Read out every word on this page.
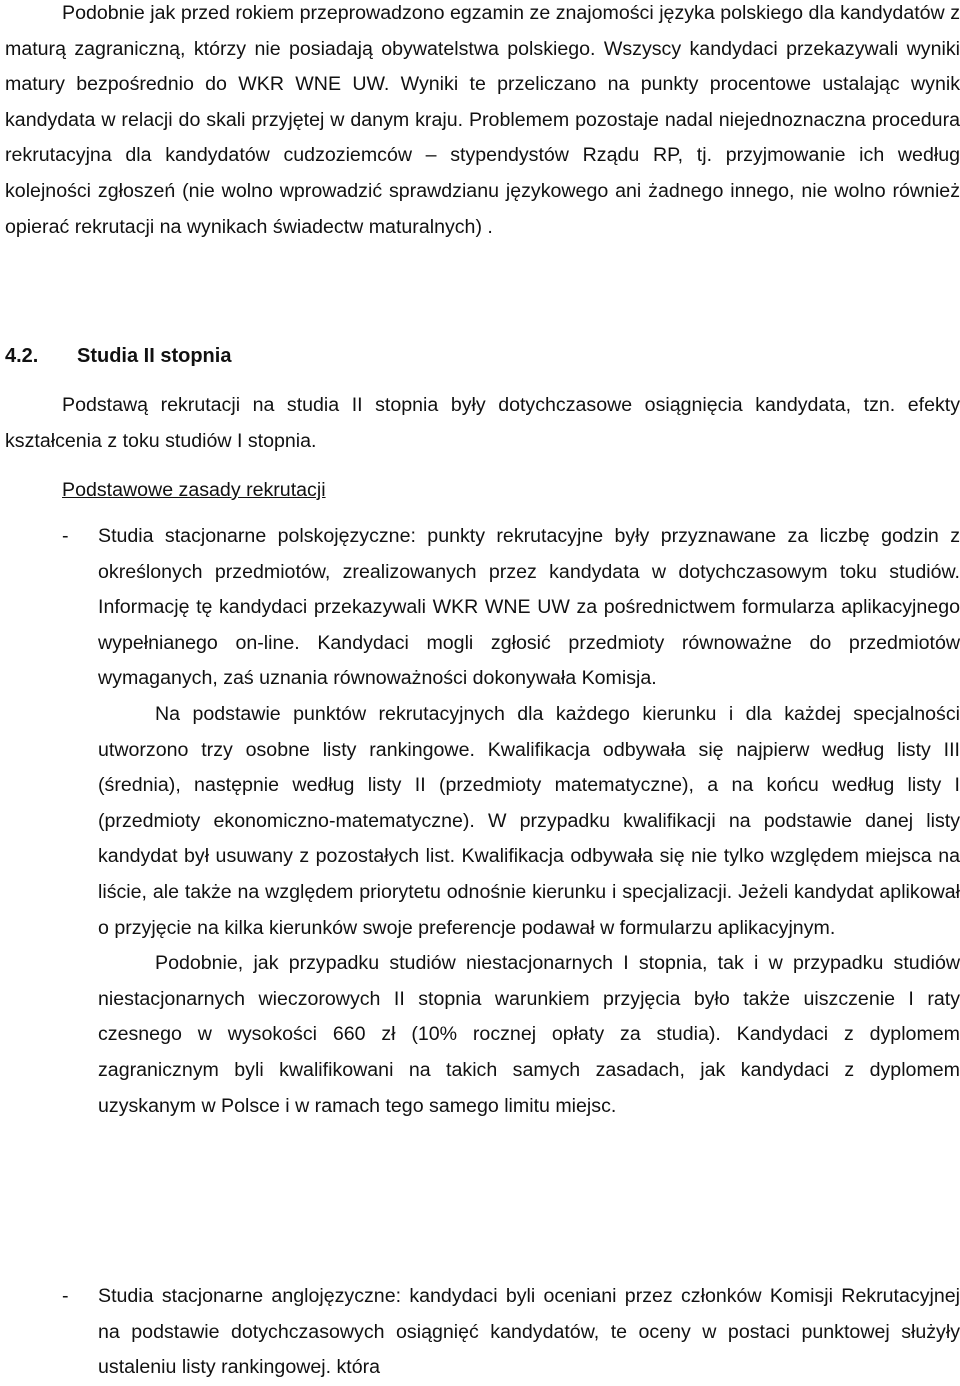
Podobnie jak przed rokiem przeprowadzono egzamin ze znajomości języka polskiego dla kandydatów z maturą zagraniczną, którzy nie posiadają obywatelstwa polskiego. Wszyscy kandydaci przekazywali wyniki matury bezpośrednio do WKR WNE UW. Wyniki te przeliczano na punkty procentowe ustalając wynik kandydata w relacji do skali przyjętej w danym kraju. Problemem pozostaje nadal niejednoznaczna procedura rekrutacyjna dla kandydatów cudzoziemców – stypendystów Rządu RP, tj. przyjmowanie ich według kolejności zgłoszeń (nie wolno wprowadzić sprawdzianu językowego ani żadnego innego, nie wolno również opierać rekrutacji na wynikach świadectw maturalnych) .

4.2. Studia II stopnia

Podstawą rekrutacji na studia II stopnia były dotychczasowe osiągnięcia kandydata, tzn. efekty kształcenia z toku studiów I stopnia.

Podstawowe zasady rekrutacji

- Studia stacjonarne polskojęzyczne: punkty rekrutacyjne były przyznawane za liczbę godzin z określonych przedmiotów, zrealizowanych przez kandydata w dotychczasowym toku studiów. Informację tę kandydaci przekazywali WKR WNE UW za pośrednictwem formularza aplikacyjnego wypełnianego on-line. Kandydaci mogli zgłosić przedmioty równoważne do przedmiotów wymaganych, zaś uznania równoważności dokonywała Komisja.

Na podstawie punktów rekrutacyjnych dla każdego kierunku i dla każdej specjalności utworzono trzy osobne listy rankingowe. Kwalifikacja odbywała się najpierw według listy III (średnia), następnie według listy II (przedmioty matematyczne), a na końcu według listy I (przedmioty ekonomiczno-matematyczne). W przypadku kwalifikacji na podstawie danej listy kandydat był usuwany z pozostałych list. Kwalifikacja odbywała się nie tylko względem miejsca na liście, ale także na względem priorytetu odnośnie kierunku i specjalizacji. Jeżeli kandydat aplikował o przyjęcie na kilka kierunków swoje preferencje podawał w formularzu aplikacyjnym.

Podobnie, jak przypadku studiów niestacjonarnych I stopnia, tak i w przypadku studiów niestacjonarnych wieczorowych II stopnia warunkiem przyjęcia było także uiszczenie I raty czesnego w wysokości 660 zł (10% rocznej opłaty za studia). Kandydaci z dyplomem zagranicznym byli kwalifikowani na takich samych zasadach, jak kandydaci z dyplomem uzyskanym w Polsce i w ramach tego samego limitu miejsc.

- Studia stacjonarne anglojęzyczne: kandydaci byli oceniani przez członków Komisji Rekrutacyjnej na podstawie dotychczasowych osiągnięć kandydatów, te oceny w postaci punktowej służyły ustaleniu listy rankingowej. która
